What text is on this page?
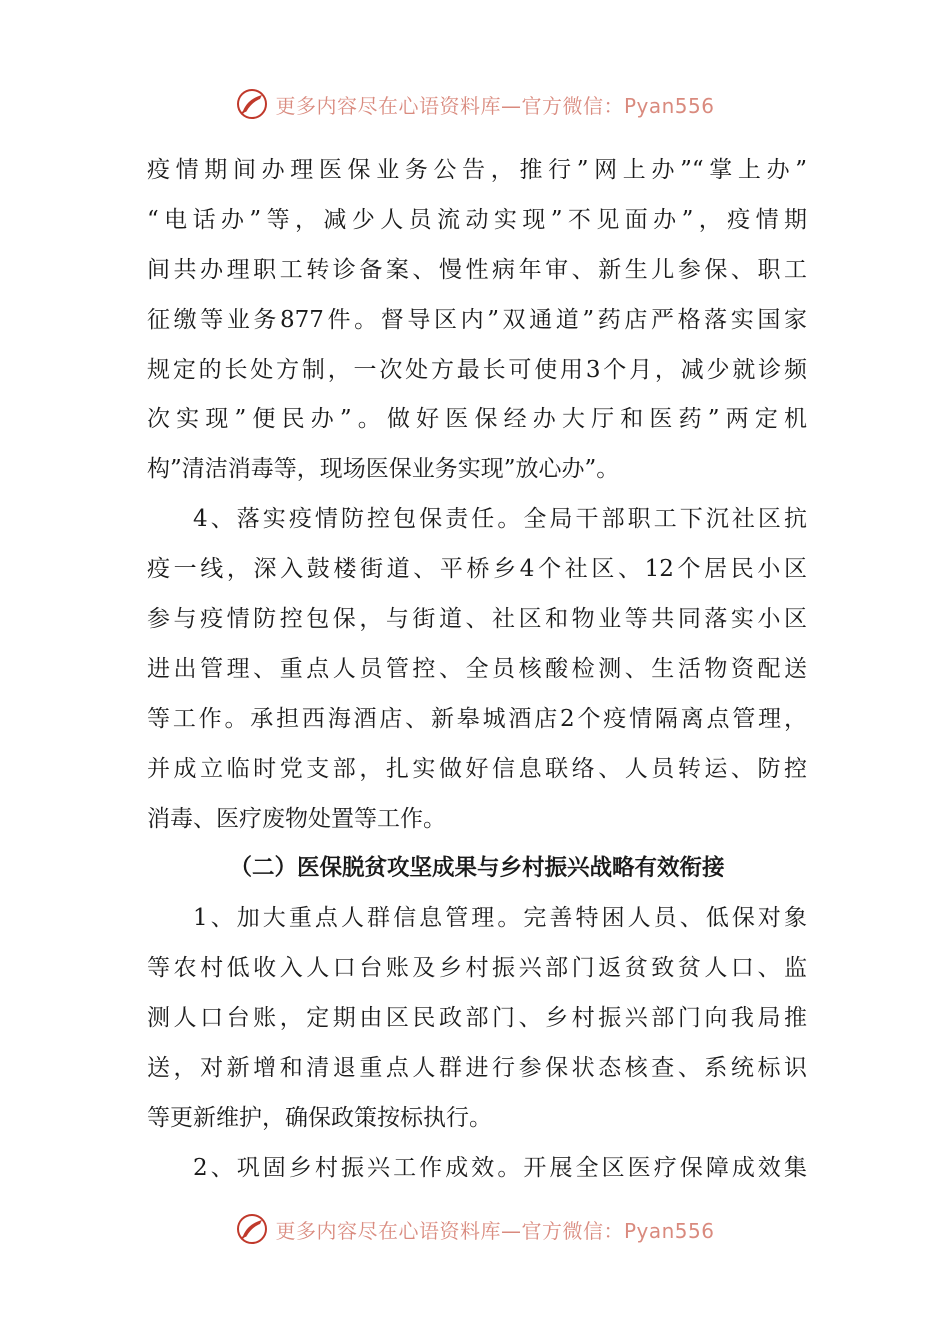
更多内容尽在心语资料库—官方微信：Pyan556
疫情期间办理医保业务公告，推行”网上办”“掌上办”
“电话办”等，减少人员流动实现”不见面办”，疫情期
间共办理职工转诊备案、慢性病年审、新生儿参保、职工
征缴等业务877件。督导区内”双通道”药店严格落实国家
规定的长处方制，一次处方最长可使用3个月，减少就诊频
次实现”便民办”。做好医保经办大厅和医药”两定机
构”清洁消毒等，现场医保业务实现”放心办”。
4、落实疫情防控包保责任。全局干部职工下沉社区抗
疫一线，深入鼓楼街道、平桥乡4个社区、12个居民小区
参与疫情防控包保，与街道、社区和物业等共同落实小区
进出管理、重点人员管控、全员核酸检测、生活物资配送
等工作。承担西海酒店、新皋城酒店2个疫情隔离点管理，
并成立临时党支部，扎实做好信息联络、人员转运、防控
消毒、医疗废物处置等工作。
（二）医保脱贫攻坚成果与乡村振兴战略有效衔接
1、加大重点人群信息管理。完善特困人员、低保对象
等农村低收入人口台账及乡村振兴部门返贫致贫人口、监
测人口台账，定期由区民政部门、乡村振兴部门向我局推
送，对新增和清退重点人群进行参保状态核查、系统标识
等更新维护，确保政策按标执行。
2、巩固乡村振兴工作成效。开展全区医疗保障成效集
更多内容尽在心语资料库—官方微信：Pyan556
